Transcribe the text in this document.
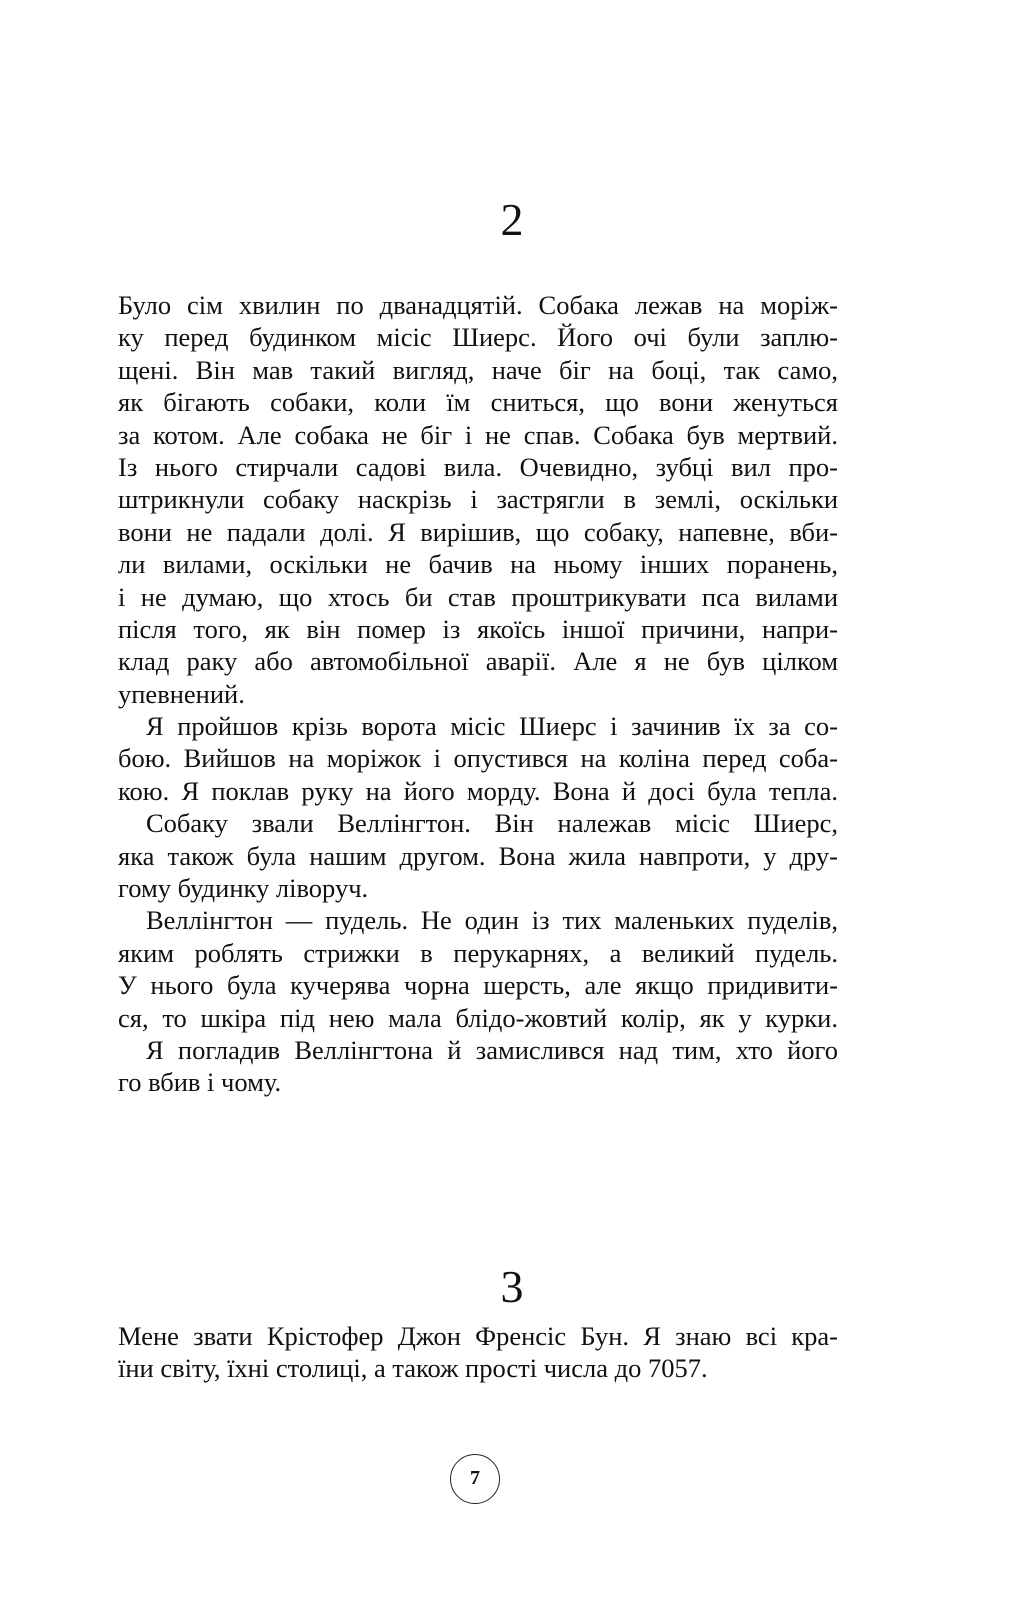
2
Було сім хвилин по дванадцятій. Собака лежав на моріж-
ку перед будинком місіс Шиерс. Його очі були заплю-
щені. Він мав такий вигляд, наче біг на боці, так само,
як бігають собаки, коли їм сниться, що вони женуться
за котом. Але собака не біг і не спав. Собака був мертвий.
Із нього стирчали садові вила. Очевидно, зубці вил про-
штрикнули собаку наскрізь і застрягли в землі, оскільки
вони не падали долі. Я вирішив, що собаку, напевне, вби-
ли вилами, оскільки не бачив на ньому інших поранень,
і не думаю, що хтось би став проштрикувати пса вилами
після того, як він помер із якоїсь іншої причини, напри-
клад раку або автомобільної аварії. Але я не був цілком
упевнений.
Я пройшов крізь ворота місіс Шиерс і зачинив їх за со-
бою. Вийшов на моріжок і опустився на коліна перед соба-
кою. Я поклав руку на його морду. Вона й досі була тепла.
Собаку звали Веллінгтон. Він належав місіс Шиерс,
яка також була нашим другом. Вона жила навпроти, у дру-
гому будинку ліворуч.
Веллінгтон — пудель. Не один із тих маленьких пуделів,
яким роблять стрижки в перукарнях, а великий пудель.
У нього була кучерява чорна шерсть, але якщо придивити-
ся, то шкіра під нею мала блідо-жовтий колір, як у курки.
Я погладив Веллінгтона й замислився над тим, хто його
го вбив і чому.
3
Мене звати Крістофер Джон Френсіс Бун. Я знаю всі кра-
їни світу, їхні столиці, а також прості числа до 7057.
7
